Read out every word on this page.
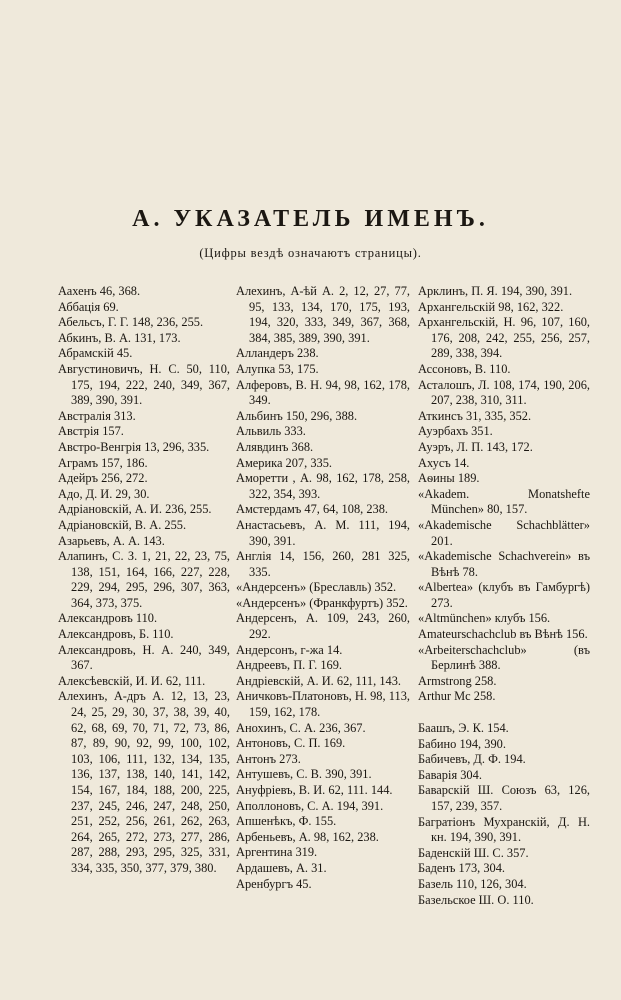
А. УКАЗАТЕЛЬ ИМЕНЪ.

(Цифры вездѣ означаютъ страницы).

Аахенъ 46, 368.
Аббація 69.
Абельсъ, Г. Г. 148, 236, 255.
Абкинъ, В. А. 131, 173.
Абрамскій 45.
Августиновичъ, Н. С. 50, 110, 175, 194, 222, 240, 349, 367, 389, 390, 391.
Австралія 313.
Австрія 157.
Австро-Венгрія 13, 296, 335.
Аграмъ 157, 186.
Адейръ 256, 272.
Адо, Д. И. 29, 30.
Адріановскій, А. И. 236, 255.
Адріановскій, В. А. 255.
Азарьевъ, А. А. 143.
Алапинъ, С. З. 1, 21, 22, 23, 75, 138, 151, 164, 166, 227, 228, 229, 294, 295, 296, 307, 363, 364, 373, 375.
Александровъ 110.
Александровъ, Б. 110.
Александровъ, Н. А. 240, 349, 367.
Алексѣевскій, И. И. 62, 111.
Алехинъ, А-дръ А. 12, 13, 23, 24, 25, 29, 30, 37, 38, 39, 40, 62, 68, 69, 70, 71, 72, 73, 86, 87, 89, 90, 92, 99, 100, 102, 103, 106, 111, 132, 134, 135, 136, 137, 138, 140, 141, 142, 154, 167, 184, 188, 200, 225, 237, 245, 246, 247, 248, 250, 251, 252, 256, 261, 262, 263, 264, 265, 272, 273, 277, 286, 287, 288, 293, 295, 325, 331, 334, 335, 350, 377, 379, 380.
Алехинъ, А-ѣй А. 2, 12, 27, 77, 95, 133, 134, 170, 175, 193, 194, 320, 333, 349, 367, 368, 384, 385, 389, 390, 391.
Алландеръ 238.
Алупка 53, 175.
Алферовъ, В. Н. 94, 98, 162, 178, 349.
Альбинъ 150, 296, 388.
Альвиль 333.
Алявдинъ 368.
Америка 207, 335.
Аморетти , А. 98, 162, 178, 258, 322, 354, 393.
Амстердамъ 47, 64, 108, 238.
Анастасьевъ, А. М. 111, 194, 390, 391.
Англія 14, 156, 260, 281 325, 335.
«Андерсенъ» (Бреславль) 352.
«Андерсенъ» (Франкфуртъ) 352.
Андерсенъ, А. 109, 243, 260, 292.
Андерсонъ, г-жа 14.
Андреевъ, П. Г. 169.
Андріевскій, А. И. 62, 111, 143.
Аничковъ-Платоновъ, Н. 98, 113, 159, 162, 178.
Анохинъ, С. А. 236, 367.
Антоновъ, С. П. 169.
Антонъ 273.
Антушевъ, С. В. 390, 391.
Ануфріевъ, В. И. 62, 111. 144.
Аполлоновъ, С. А. 194, 391.
Апшенѣкъ, Ф. 155.
Арбеньевъ, А. 98, 162, 238.
Аргентина 319.
Ардашевъ, А. 31.
Аренбургъ 45.
Арклинъ, П. Я. 194, 390, 391.
Архангельскій 98, 162, 322.
Архангельскій, Н. 96, 107, 160, 176, 208, 242, 255, 256, 257, 289, 338, 394.
Ассоновъ, В. 110.
Асталошъ, Л. 108, 174, 190, 206, 207, 238, 310, 311.
Аткинсъ 31, 335, 352.
Ауэрбахъ 351.
Ауэръ, Л. П. 143, 172.
Ахусъ 14.
Аѳины 189.
«Akadem. Monatshefte München» 80, 157.
«Akademische Schachblätter» 201.
«Akademische Schachverein» въ Вѣнѣ 78.
«Albertea» (клубъ въ Гамбургѣ) 273.
«Altmünchen» клубъ 156.
Amateurschachclub въ Вѣнѣ 156.
«Arbeiterschachclub» (въ Берлинѣ 388.
Armstrong 258.
Arthur Mc 258.
Баашъ, Э. К. 154.
Бабино 194, 390.
Бабичевъ, Д. Ф. 194.
Баварія 304.
Баварскій Ш. Союзъ 63, 126, 157, 239, 357.
Багратіонъ Мухранскій, Д. Н. кн. 194, 390, 391.
Баденскій Ш. С. 357.
Баденъ 173, 304.
Базель 110, 126, 304.
Базельское Ш. О. 110.
